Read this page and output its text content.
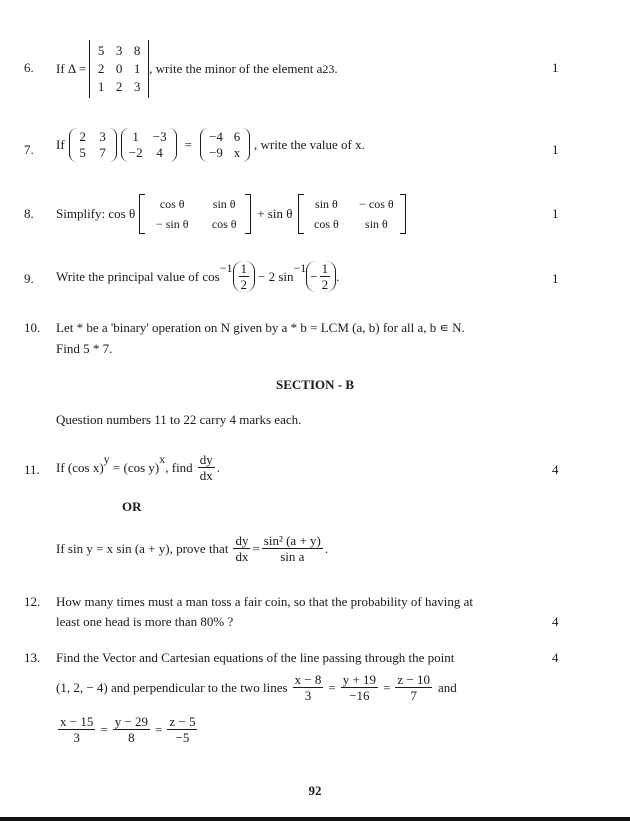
6. If Δ =
5 3 8
2 0 1
1 2 3
, write the minor of the element a 23 .	1
7. If
2	3
5	7
1	−3
−2	4
=
−4 6
−9 x
, write the value of x.	1
8. Simplify: cos θ
cos θ	sin θ
− sin θ	cos θ
+ sin θ
sin θ	− cos θ
cos θ	sin θ
1
9. Write the principal value of cos
$-1 \frac{1}{2} - 2$ sin
−1
− $\frac{1}{2}$ .	1
10. Let * be a 'binary' operation on N given by a * b = LCM (a, b) for all a, b ∊ N.
Find 5 * 7.
SECTION - B
Question numbers 11 to 22 carry 4 marks each.
11. If (cos x)
y
= (cos y)
x
, find $\frac{dy}{dx}$ .	4
OR
If sin y = x sin (a + y), prove that $\frac{dy}{dx} = \frac{\text{sin² (a + y)}}{\text{sin a}}$ .
12. How many times must a man toss a fair coin, so that the probability of having at
least one head is more than 80% ?	4
13. Find the Vector and Cartesian equations of the line passing through the point	4
(1, 2, − 4) and perpendicular to the two lines $\frac{x - 8}{3} = \frac{y + 19}{-16} = \frac{z - 10}{7}$ and
$\frac{x - 15}{3} = \frac{y - 29}{8} = \frac{z - 5}{-5}$
92
